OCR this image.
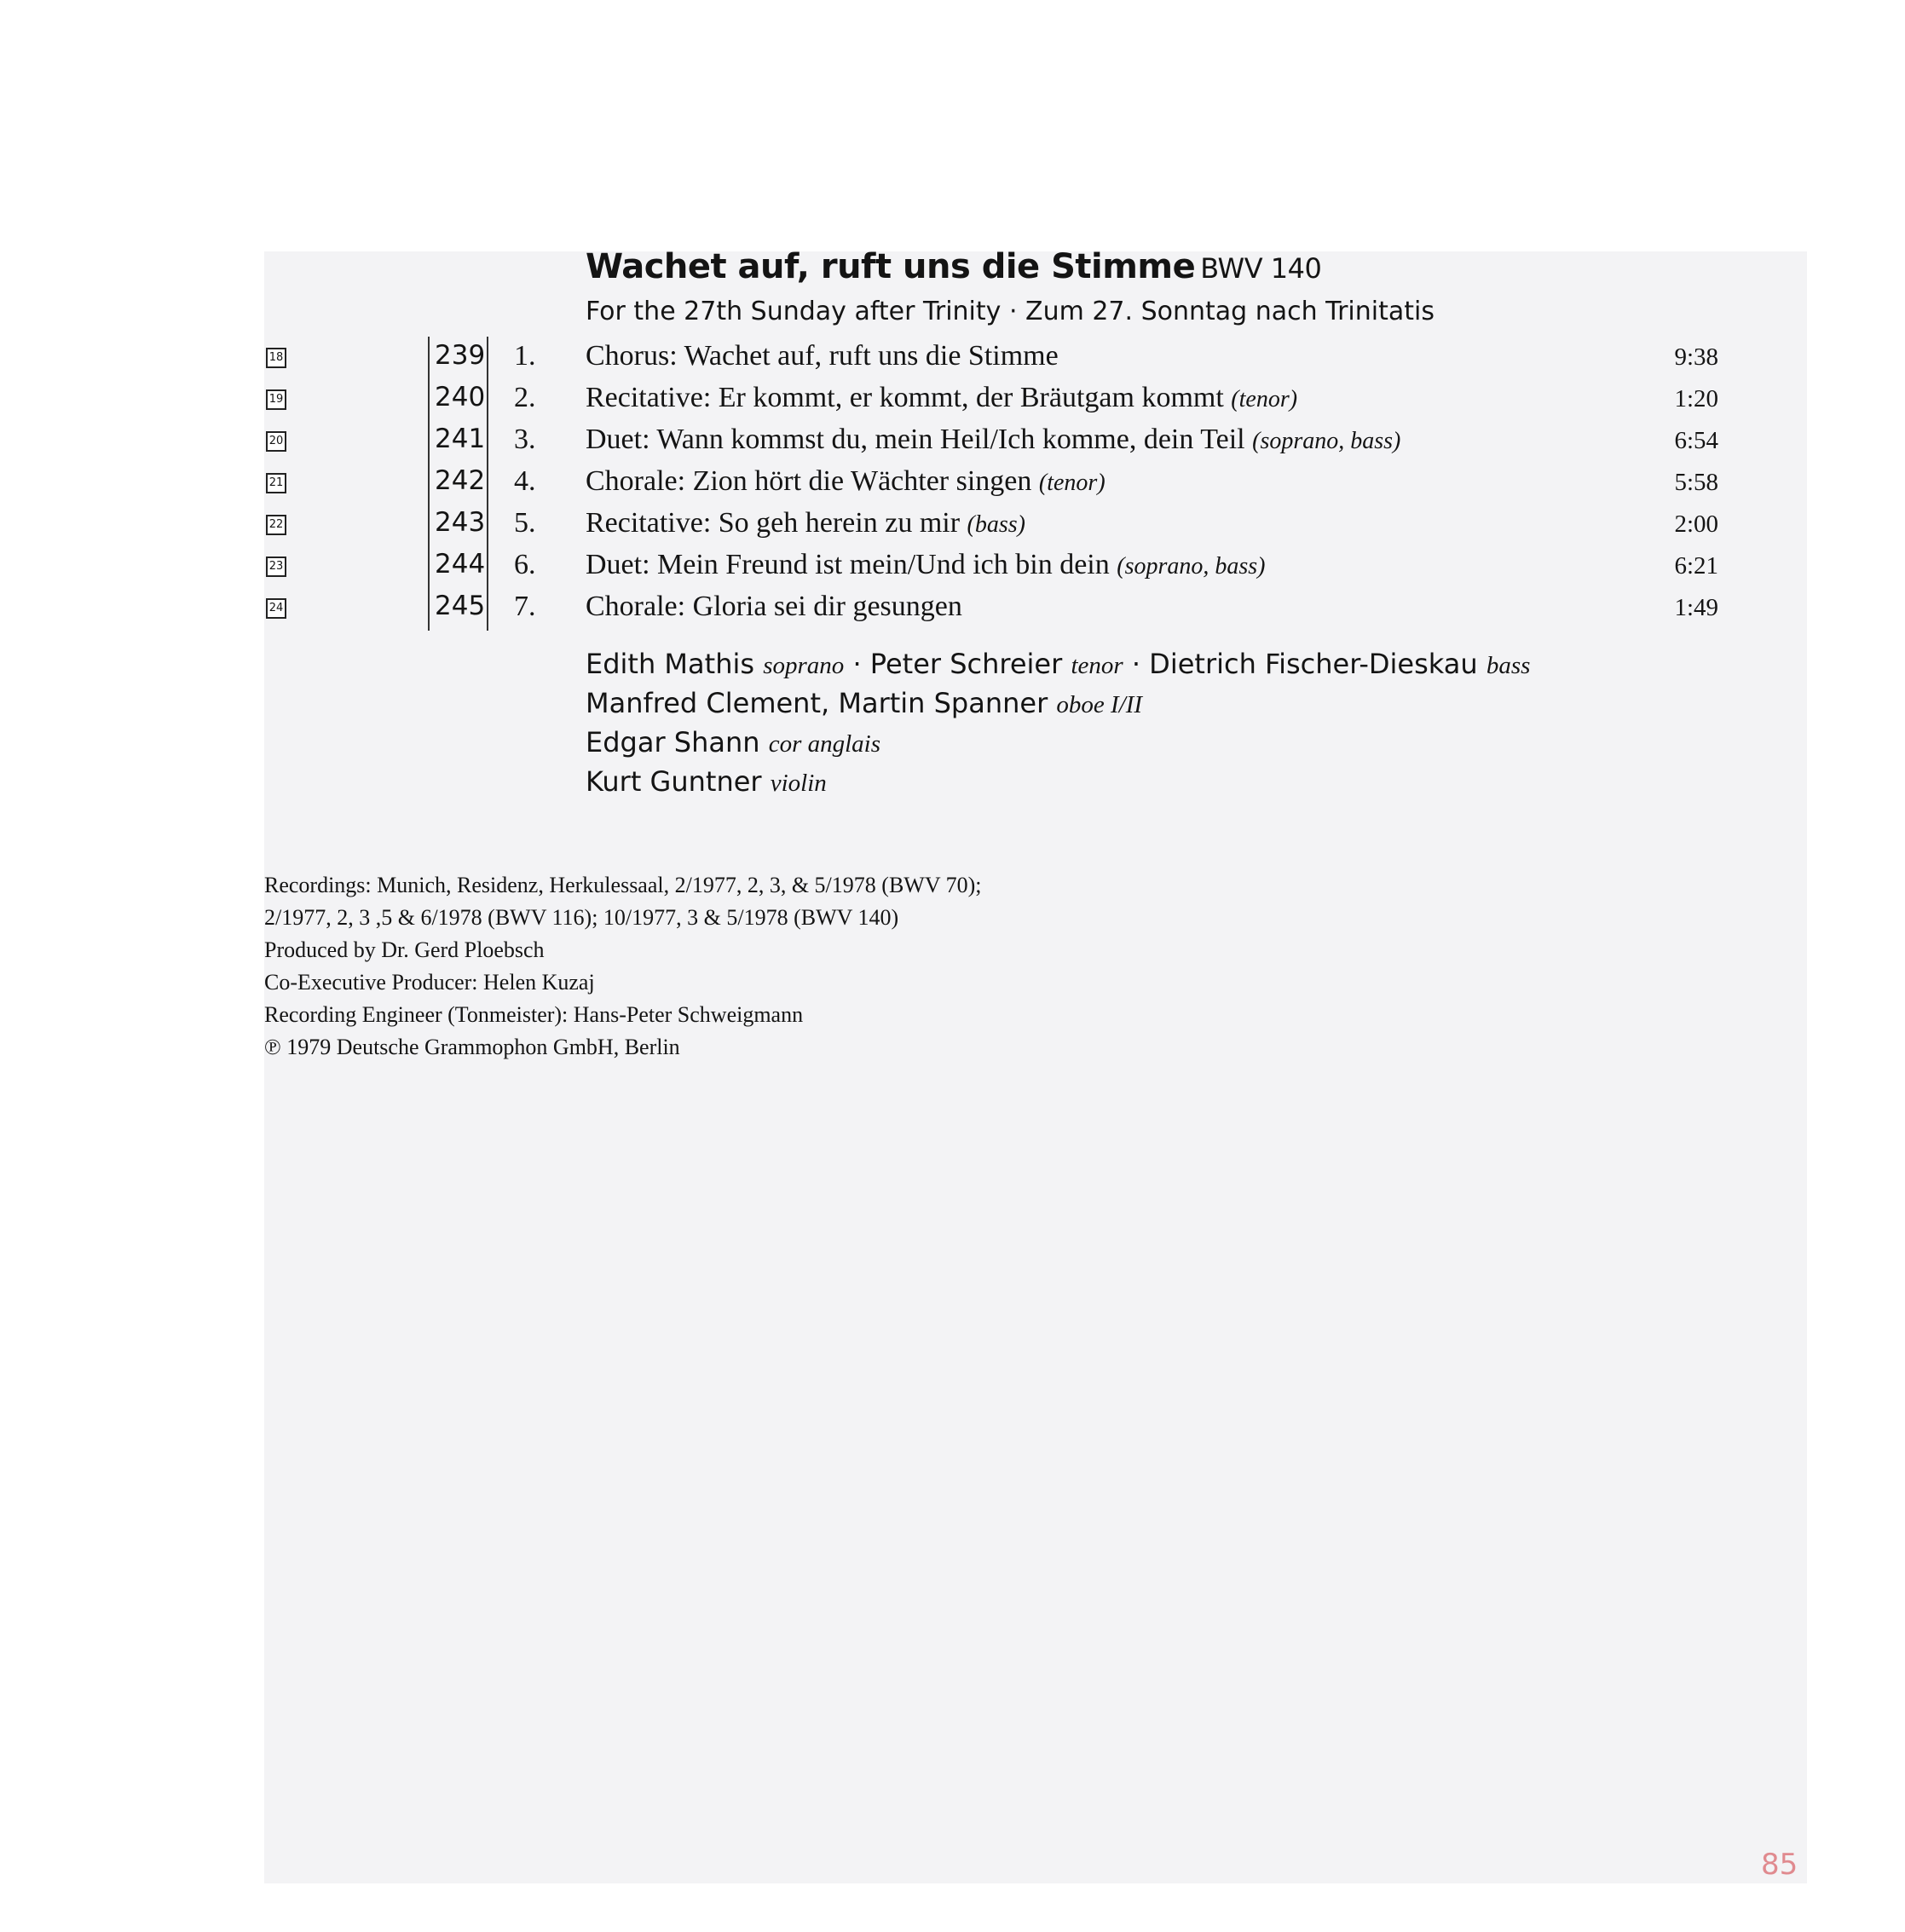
Wachet auf, ruft uns die Stimme BWV 140
For the 27th Sunday after Trinity · Zum 27. Sonntag nach Trinitatis
18	239 1. Chorus: Wachet auf, ruft uns die Stimme	9:38
19	240 2. Recitative: Er kommt, er kommt, der Bräutgam kommt (tenor)	1:20
20	241 3. Duet: Wann kommst du, mein Heil/Ich komme, dein Teil (soprano, bass)	6:54
21	242 4. Chorale: Zion hört die Wächter singen (tenor)	5:58
22	243 5. Recitative: So geh herein zu mir (bass)	2:00
23	244 6. Duet: Mein Freund ist mein/Und ich bin dein (soprano, bass)	6:21
24	245 7. Chorale: Gloria sei dir gesungen	1:49
Edith Mathis soprano · Peter Schreier tenor · Dietrich Fischer-Dieskau bass
Manfred Clement, Martin Spanner oboe I/II
Edgar Shann cor anglais
Kurt Guntner violin
Recordings: Munich, Residenz, Herkulessaal, 2/1977, 2, 3, & 5/1978 (BWV 70);
2/1977, 2, 3 ,5 & 6/1978 (BWV 116); 10/1977, 3 & 5/1978 (BWV 140)
Produced by Dr. Gerd Ploebsch
Co-Executive Producer: Helen Kuzaj
Recording Engineer (Tonmeister): Hans-Peter Schweigmann
℗ 1979 Deutsche Grammophon GmbH, Berlin
85
